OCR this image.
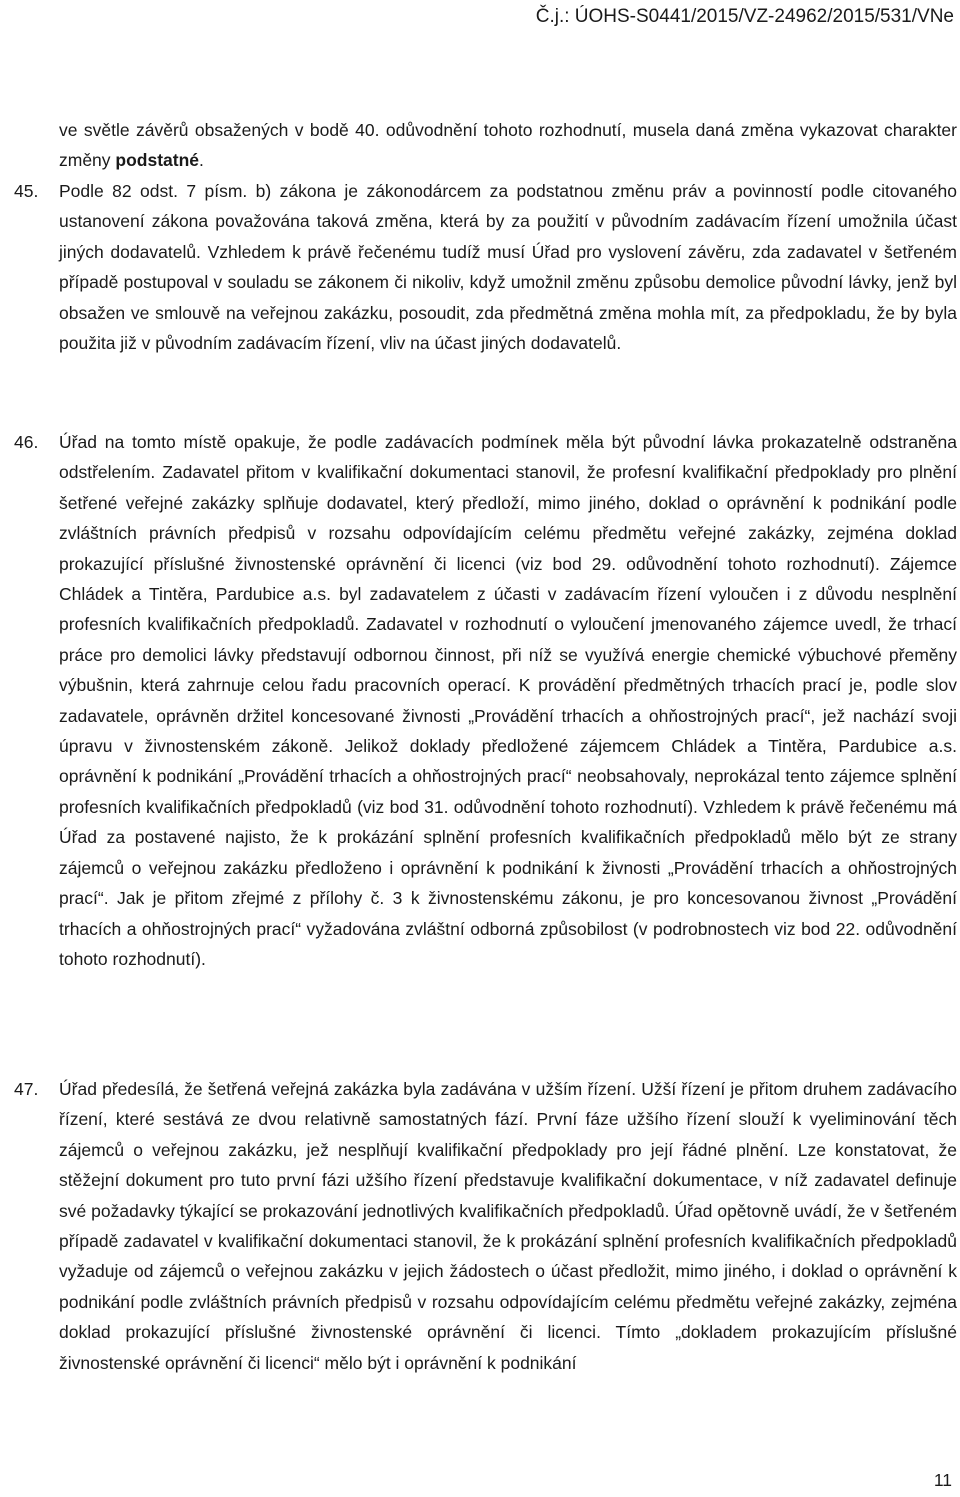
Č.j.: ÚOHS-S0441/2015/VZ-24962/2015/531/VNe
ve světle závěrů obsažených v bodě 40. odůvodnění tohoto rozhodnutí, musela daná změna vykazovat charakter změny podstatné.
45.	Podle 82 odst. 7 písm. b) zákona je zákonodárcem za podstatnou změnu práv a povinností podle citovaného ustanovení zákona považována taková změna, která by za použití v původním zadávacím řízení umožnila účast jiných dodavatelů. Vzhledem k právě řečenému tudíž musí Úřad pro vyslovení závěru, zda zadavatel v šetřeném případě postupoval v souladu se zákonem či nikoliv, když umožnil změnu způsobu demolice původní lávky, jenž byl obsažen ve smlouvě na veřejnou zakázku, posoudit, zda předmětná změna mohla mít, za předpokladu, že by byla použita již v původním zadávacím řízení, vliv na účast jiných dodavatelů.
46.	Úřad na tomto místě opakuje, že podle zadávacích podmínek měla být původní lávka prokazatelně odstraněna odstřelením. Zadavatel přitom v kvalifikační dokumentaci stanovil, že profesní kvalifikační předpoklady pro plnění šetřené veřejné zakázky splňuje dodavatel, který předloží, mimo jiného, doklad o oprávnění k podnikání podle zvláštních právních předpisů v rozsahu odpovídajícím celému předmětu veřejné zakázky, zejména doklad prokazující příslušné živnostenské oprávnění či licenci (viz bod 29. odůvodnění tohoto rozhodnutí). Zájemce Chládek a Tintěra, Pardubice a.s. byl zadavatelem z účasti v zadávacím řízení vyloučen i z důvodu nesplnění profesních kvalifikačních předpokladů. Zadavatel v rozhodnutí o vyloučení jmenovaného zájemce uvedl, že trhací práce pro demolici lávky představují odbornou činnost, při níž se využívá energie chemické výbuchové přeměny výbušnin, která zahrnuje celou řadu pracovních operací. K provádění předmětných trhacích prací je, podle slov zadavatele, oprávněn držitel koncesované živnosti „Provádění trhacích a ohňostrojných prací“, jež nachází svoji úpravu v živnostenském zákoně. Jelikož doklady předložené zájemcem Chládek a Tintěra, Pardubice a.s. oprávnění k podnikání „Provádění trhacích a ohňostrojných prací“ neobsahovaly, neprokázal tento zájemce splnění profesních kvalifikačních předpokladů (viz bod 31. odůvodnění tohoto rozhodnutí). Vzhledem k právě řečenému má Úřad za postavené najisto, že k prokázání splnění profesních kvalifikačních předpokladů mělo být ze strany zájemců o veřejnou zakázku předloženo i oprávnění k podnikání k živnosti „Provádění trhacích a ohňostrojných prací“. Jak je přitom zřejmé z přílohy č. 3 k živnostenskému zákonu, je pro koncesovanou živnost „Provádění trhacích a ohňostrojných prací“ vyžadována zvláštní odborná způsobilost (v podrobnostech viz bod 22. odůvodnění tohoto rozhodnutí).
47.	Úřad předesílá, že šetřená veřejná zakázka byla zadávána v užším řízení. Užší řízení je přitom druhem zadávacího řízení, které sestává ze dvou relativně samostatných fází. První fáze užšího řízení slouží k vyeliminování těch zájemců o veřejnou zakázku, jež nesplňují kvalifikační předpoklady pro její řádné plnění. Lze konstatovat, že stěžejní dokument pro tuto první fázi užšího řízení představuje kvalifikační dokumentace, v níž zadavatel definuje své požadavky týkající se prokazování jednotlivých kvalifikačních předpokladů. Úřad opětovně uvádí, že v šetřeném případě zadavatel v kvalifikační dokumentaci stanovil, že k prokázání splnění profesních kvalifikačních předpokladů vyžaduje od zájemců o veřejnou zakázku v jejich žádostech o účast předložit, mimo jiného, i doklad o oprávnění k podnikání podle zvláštních právních předpisů v rozsahu odpovídajícím celému předmětu veřejné zakázky, zejména doklad prokazující příslušné živnostenské oprávnění či licenci. Tímto „dokladem prokazujícím příslušné živnostenské oprávnění či licenci“ mělo být i oprávnění k podnikání
11
